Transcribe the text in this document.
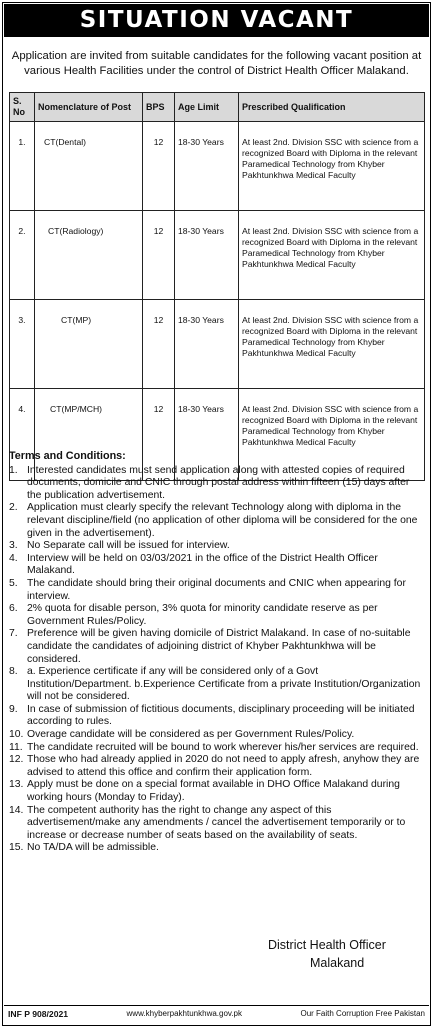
SITUATION VACANT

Application are invited from suitable candidates for the following vacant position at various Health Facilities under the control of District Health Officer Malakand.

S. No	Nomenclature of Post	BPS	Age Limit	Prescribed Qualification
1.	CT(Dental)	12	18-30 Years	At least 2nd. Division SSC with science from a recognized Board with Diploma in the relevant Paramedical Technology from Khyber Pakhtunkhwa Medical Faculty
2.	CT(Radiology)	12	18-30 Years	At least 2nd. Division SSC with science from a recognized Board with Diploma in the relevant Paramedical Technology from Khyber Pakhtunkhwa Medical Faculty
3.	CT(MP)	12	18-30 Years	At least 2nd. Division SSC with science from a recognized Board with Diploma in the relevant Paramedical Technology from Khyber Pakhtunkhwa Medical Faculty
4.	CT(MP/MCH)	12	18-30 Years	At least 2nd. Division SSC with science from a recognized Board with Diploma in the relevant Paramedical Technology from Khyber Pakhtunkhwa Medical Faculty
Terms and Conditions:
1. Interested candidates must send application along with attested copies of required documents, domicile and CNIC through postal address within fifteen (15) days after the publication advertisement.
2. Application must clearly specify the relevant Technology along with diploma in the relevant discipline/field (no application of other diploma will be considered for the one given in the advertisement).
3. No Separate call will be issued for interview.
4. Interview will be held on 03/03/2021 in the office of the District Health Officer Malakand.
5. The candidate should bring their original documents and CNIC when appearing for interview.
6. 2% quota for disable person, 3% quota for minority candidate reserve as per Government Rules/Policy.
7. Preference will be given having domicile of District Malakand. In case of no-suitable candidate the candidates of adjoining district of Khyber Pakhtunkhwa will be considered.
8. a. Experience certificate if any will be considered only of a Govt Institution/Department. b.Experience Certificate from a private Institution/Organization will not be considered.
9. In case of submission of fictitious documents, disciplinary proceeding will be initiated according to rules.
10. Overage candidate will be considered as per Government Rules/Policy.
11. The candidate recruited will be bound to work wherever his/her services are required.
12. Those who had already applied in 2020 do not need to apply afresh, anyhow they are advised to attend this office and confirm their application form.
13. Apply must be done on a special format available in DHO Office Malakand during working hours (Monday to Friday).
14. The competent authority has the right to change any aspect of this advertisement/make any amendments / cancel the advertisement temporarily or to increase or decrease number of seats based on the availability of seats.
15. No TA/DA will be admissible.
District Health Officer
Malakand
INF P 908/2021	www.khyberpakhtunkhwa.gov.pk	Our Faith Corruption Free Pakistan
